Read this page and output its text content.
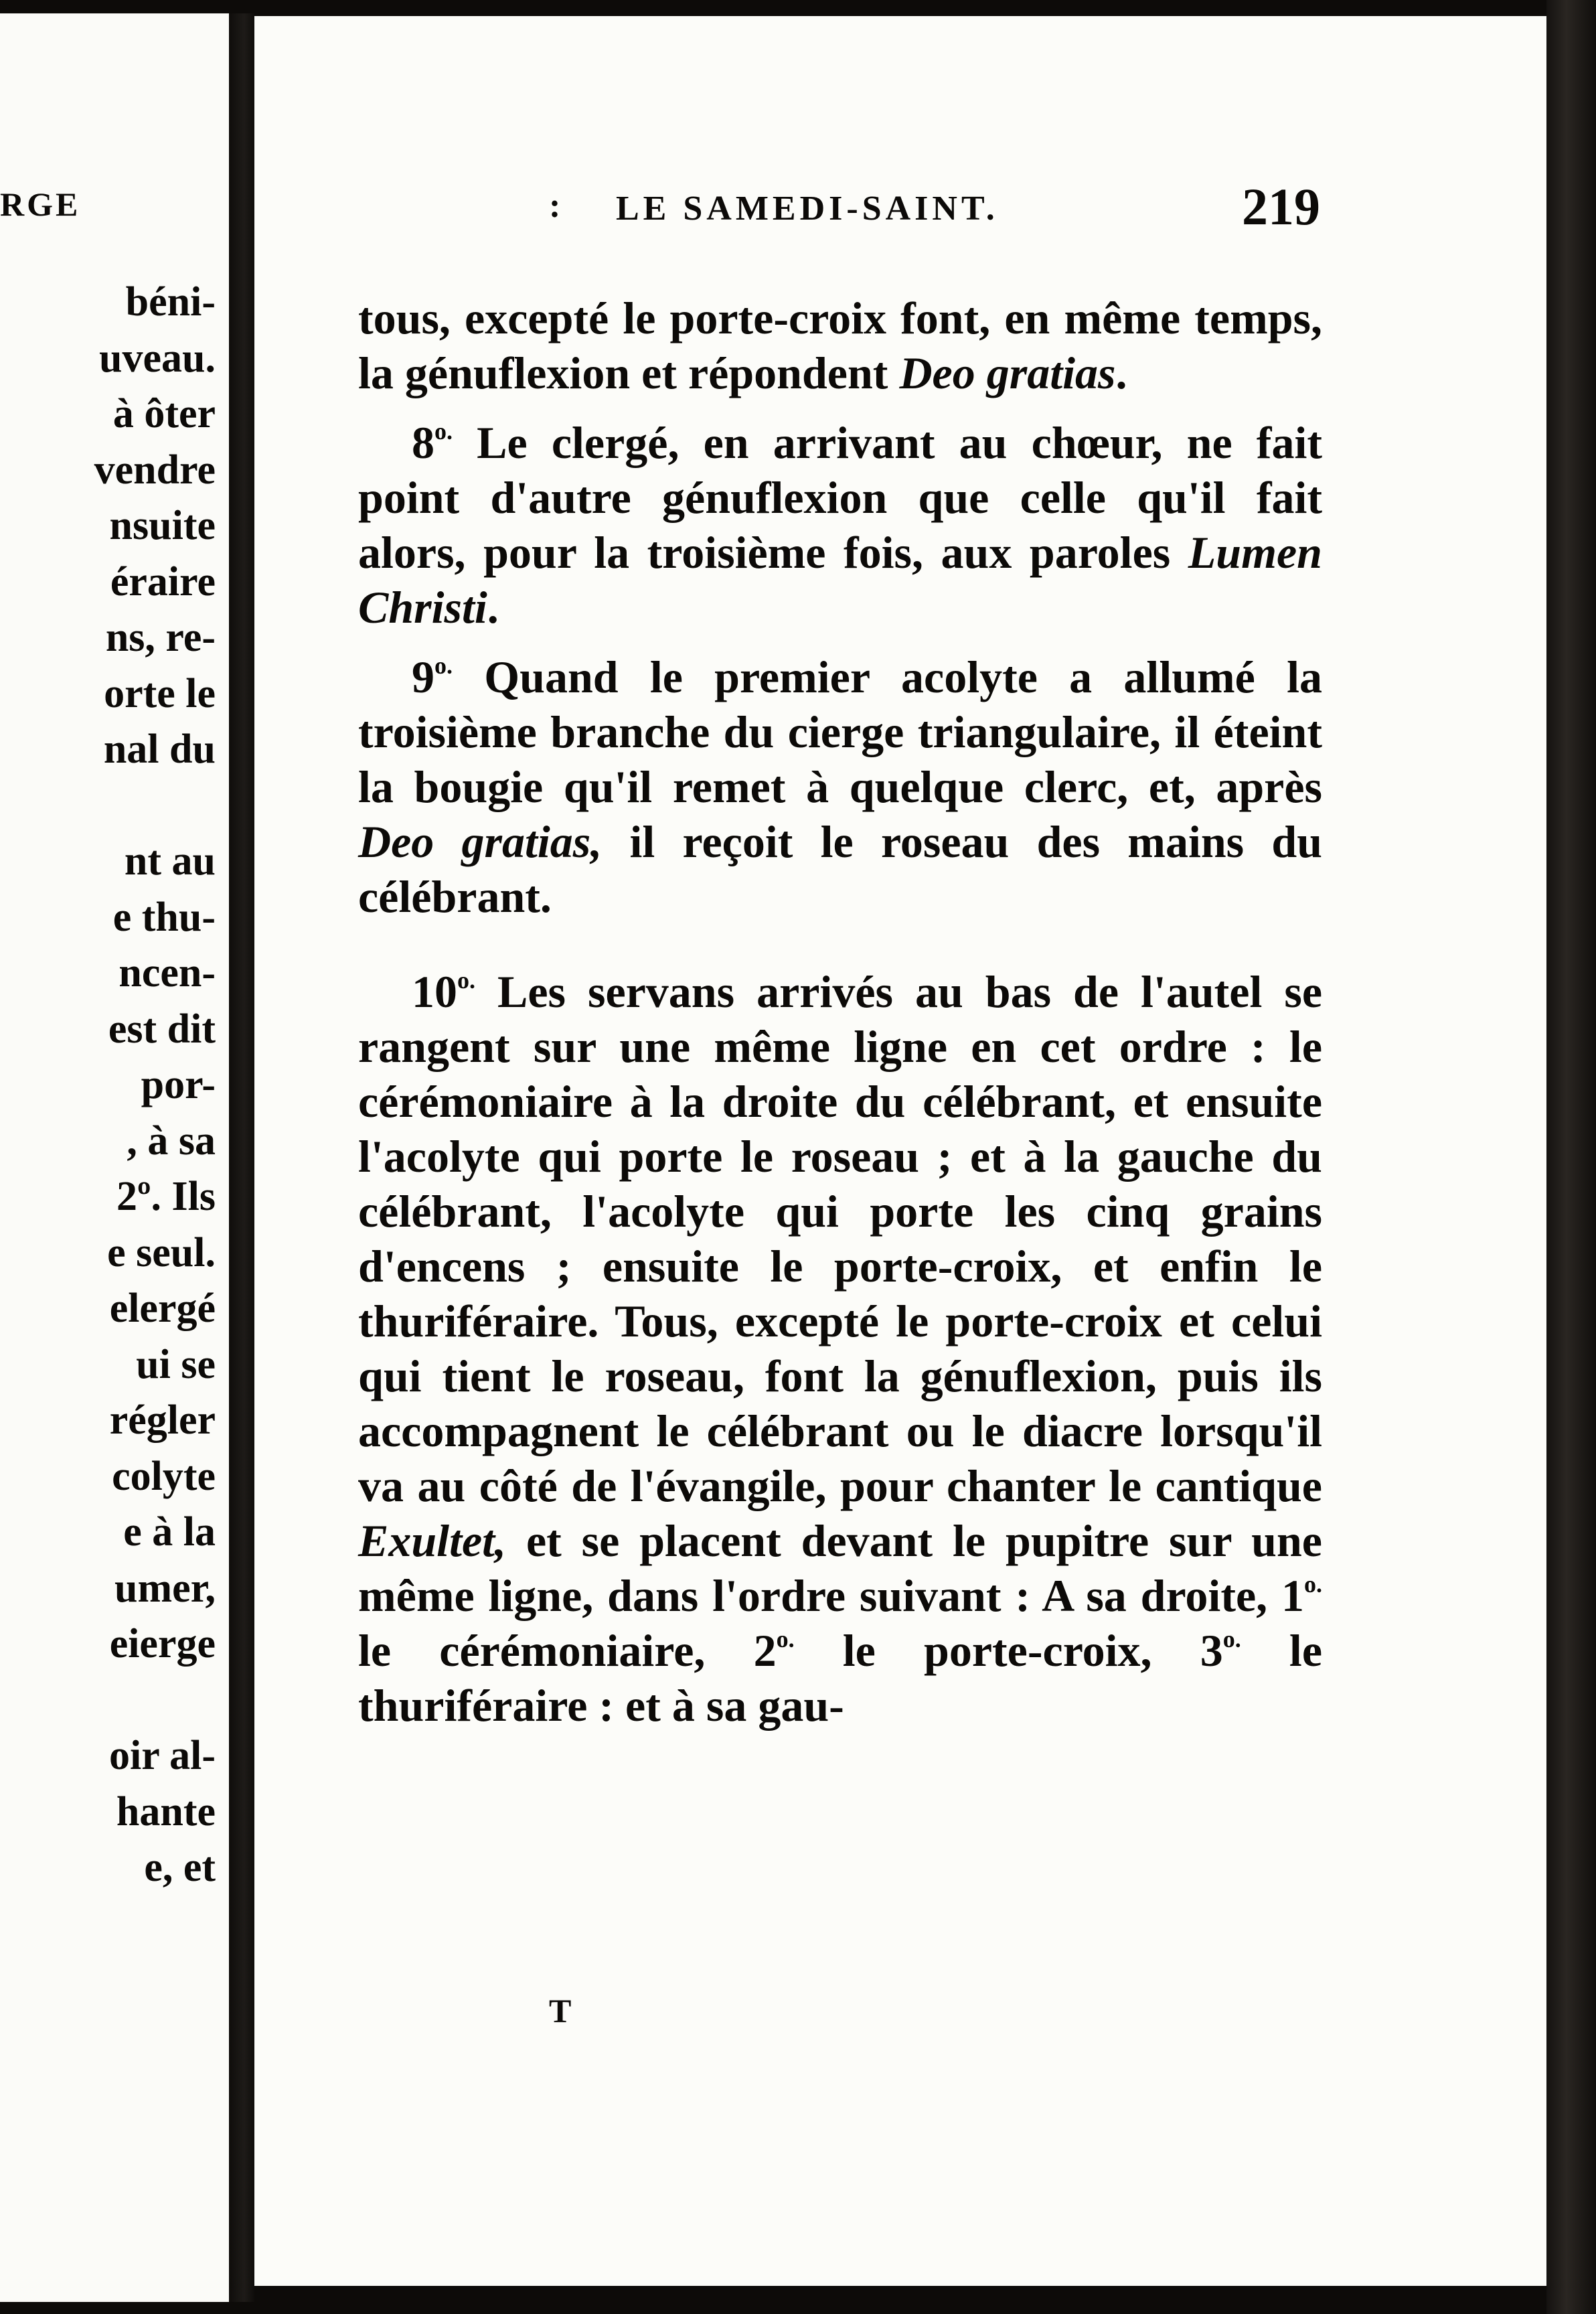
RGE
béni-
uveau.
à ôter
vendre
nsuite
éraire
ns, re-
orte le
nal du
nt au
e thu-
ncen-
est dit
por-
, à sa
2º. Ils
e seul.
elergé
ui se
régler
colyte
e à la
umer,
eierge
oir al-
hante
e, et
: LE SAMEDI-SAINT.	219

tous, excepté le porte-croix font, en même temps, la génuflexion et répondent Deo gratias.

$8^{o.}$ Le clergé, en arrivant au chœur, ne fait point d'autre génuflexion que celle qu'il fait alors, pour la troisième fois, aux paroles Lumen Christi.

$9^{o.}$ Quand le premier acolyte a allumé la troisième branche du cierge triangulaire, il éteint la bougie qu'il remet à quelque clerc, et, après Deo gratias, il reçoit le roseau des mains du célébrant.

$10^{o.}$ Les servans arrivés au bas de l'autel se rangent sur une même ligne en cet ordre : le cérémoniaire à la droite du célébrant, et ensuite l'acolyte qui porte le roseau ; et à la gauche du célébrant, l'acolyte qui porte les cinq grains d'encens ; ensuite le porte-croix, et enfin le thuriféraire. Tous, excepté le porte-croix et celui qui tient le roseau, font la génuflexion, puis ils accompagnent le célébrant ou le diacre lorsqu'il va au côté de l'évangile, pour chanter le cantique Exultet, et se placent devant le pupitre sur une même ligne, dans l'ordre suivant : A sa droite, $1^{o.}$ le cérémoniaire, $2^{o.}$ le porte-croix, $3^{o.}$ le thuriféraire : et à sa gau-

T
